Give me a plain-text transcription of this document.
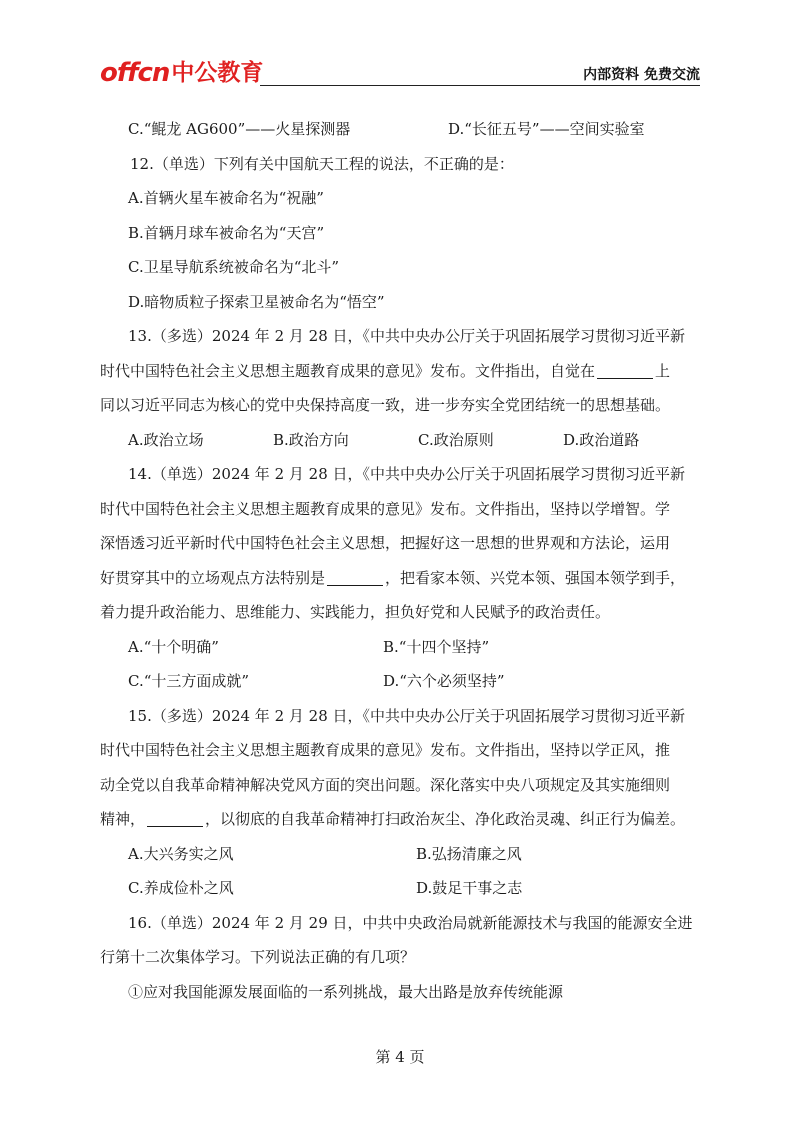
offcn 中公教育	内部资料 免费交流
C.“鲲龙 AG600”——火星探测器	D.“长征五号”——空间实验室
12.（单选）下列有关中国航天工程的说法，不正确的是：
A.首辆火星车被命名为“祝融”
B.首辆月球车被命名为“天宫”
C.卫星导航系统被命名为“北斗”
D.暗物质粒子探索卫星被命名为“悟空”
13.（多选）2024 年 2 月 28 日，《中共中央办公厅关于巩固拓展学习贯彻习近平新
时代中国特色社会主义思想主题教育成果的意见》发布。文件指出，自觉在	上
同以习近平同志为核心的党中央保持高度一致，进一步夯实全党团结统一的思想基础。
A.政治立场	B.政治方向	C.政治原则	D.政治道路
14.（单选）2024 年 2 月 28 日，《中共中央办公厅关于巩固拓展学习贯彻习近平新
时代中国特色社会主义思想主题教育成果的意见》发布。文件指出，坚持以学增智。学
深悟透习近平新时代中国特色社会主义思想，把握好这一思想的世界观和方法论，运用
好贯穿其中的立场观点方法特别是	，把看家本领、兴党本领、强国本领学到手，
着力提升政治能力、思维能力、实践能力，担负好党和人民赋予的政治责任。
A.“十个明确”	B.“十四个坚持”
C.“十三方面成就”	D.“六个必须坚持”
15.（多选）2024 年 2 月 28 日，《中共中央办公厅关于巩固拓展学习贯彻习近平新
时代中国特色社会主义思想主题教育成果的意见》发布。文件指出，坚持以学正风，推
动全党以自我革命精神解决党风方面的突出问题。深化落实中央八项规定及其实施细则
精神，	，以彻底的自我革命精神打扫政治灰尘、净化政治灵魂、纠正行为偏差。
A.大兴务实之风	B.弘扬清廉之风
C.养成俭朴之风	D.鼓足干事之志
16.（单选）2024 年 2 月 29 日，中共中央政治局就新能源技术与我国的能源安全进
行第十二次集体学习。下列说法正确的有几项？
①应对我国能源发展面临的一系列挑战，最大出路是放弃传统能源
第 4 页
